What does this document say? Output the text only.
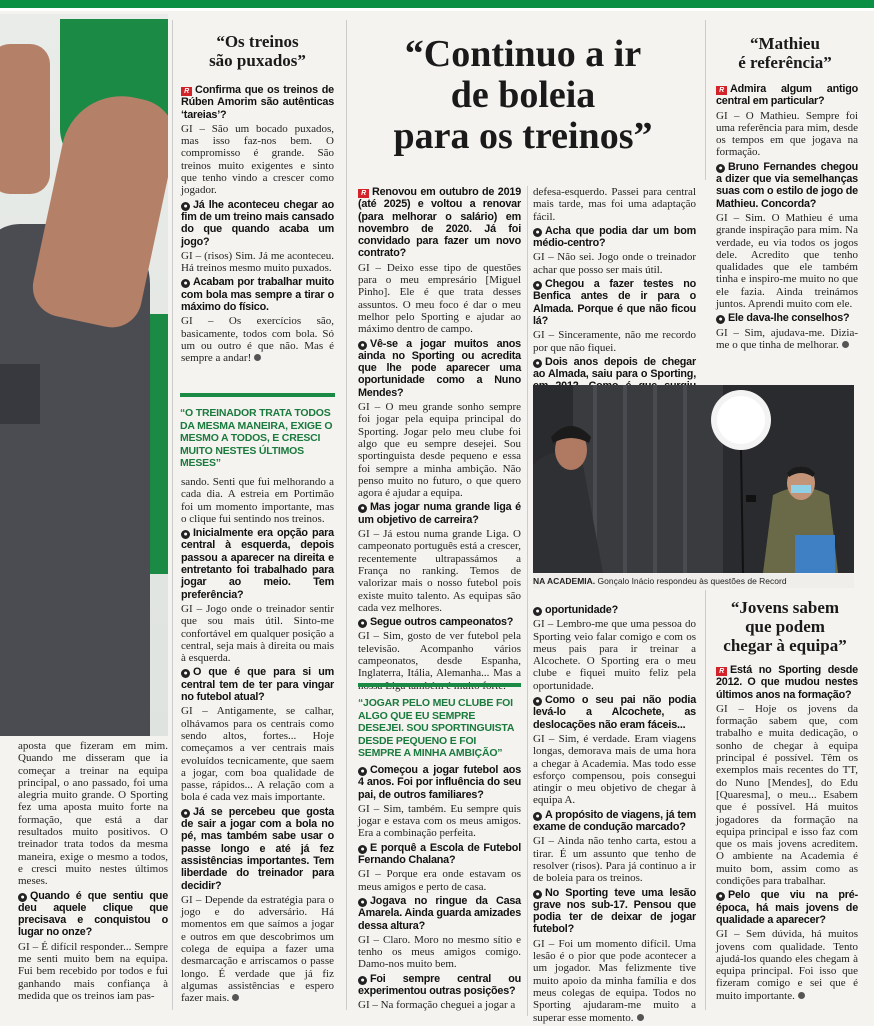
aposta que fizeram em mim. Quando me disseram que ia começar a treinar na equipa principal, o ano passado, foi uma alegria muito grande. O Sporting fez uma aposta muito forte na formação, que está a dar resultados muito positivos. O treinador trata todos da mesma maneira, exige o mesmo a todos, e cresci muito nestes últimos meses.

● Quando é que sentiu que deu aquele clique que precisava e conquistou o lugar no onze?

GI – É difícil responder... Sempre me senti muito bem na equipa. Fui bem recebido por todos e fui ganhando mais confiança à medida que os treinos iam pas-

“Os treinos
são puxados”

R Confirma que os treinos de Rúben Amorim são autênticas ‘tareias’?

GI – São um bocado puxados, mas isso faz-nos bem. O compromisso é grande. São treinos muito exigentes e sinto que tenho vindo a crescer como jogador.

● Já lhe aconteceu chegar ao fim de um treino mais cansado do que quando acaba um jogo?

GI – (risos) Sim. Já me aconteceu. Há treinos mesmo muito puxados.

● Acabam por trabalhar muito com bola mas sempre a tirar o máximo do físico.

GI – Os exercícios são, basicamente, todos com bola. Só um ou outro é que não. Mas é sempre a andar!

“O TREINADOR TRATA TODOS DA MESMA MANEIRA, EXIGE O MESMO A TODOS, E CRESCI MUITO NESTES ÚLTIMOS MESES”

sando. Senti que fui melhorando a cada dia. A estreia em Portimão foi um momento importante, mas o clique fui sentindo nos treinos.

● Inicialmente era opção para central à esquerda, depois passou a aparecer na direita e entretanto foi trabalhado para jogar ao meio. Tem preferência?

GI – Jogo onde o treinador sentir que sou mais útil. Sinto-me confortável em qualquer posição a central, seja mais à direita ou mais à esquerda.

● O que é que para si um central tem de ter para vingar no futebol atual?

GI – Antigamente, se calhar, olhávamos para os centrais como sendo altos, fortes... Hoje começamos a ver centrais mais evoluídos tecnicamente, que saem a jogar, com boa qualidade de passe, rápidos... A relação com a bola é cada vez mais importante.

● Já se percebeu que gosta de sair a jogar com a bola no pé, mas também sabe usar o passe longo e até já fez assistências importantes. Tem liberdade do treinador para decidir?

GI – Depende da estratégia para o jogo e do adversário. Há momentos em que saímos a jogar e outros em que descobrimos um colega de equipa a fazer uma desmarcação e arriscamos o passe longo. É verdade que já fiz algumas assistências e espero fazer mais.

“Continuo a ir
de boleia
para os treinos”

R Renovou em outubro de 2019 (até 2025) e voltou a renovar (para melhorar o salário) em novembro de 2020. Já foi convidado para fazer um novo contrato?

GI – Deixo esse tipo de questões para o meu empresário [Miguel Pinho]. Ele é que trata desses assuntos. O meu foco é dar o meu melhor pelo Sporting e ajudar ao máximo dentro de campo.

● Vê-se a jogar muitos anos ainda no Sporting ou acredita que lhe pode aparecer uma oportunidade como a Nuno Mendes?

GI – O meu grande sonho sempre foi jogar pela equipa principal do Sporting. Jogar pelo meu clube foi algo que eu sempre desejei. Sou sportinguista desde pequeno e essa foi sempre a minha ambição. Não penso muito no futuro, o que quero agora é ajudar a equipa.

● Mas jogar numa grande liga é um objetivo de carreira?

GI – Já estou numa grande Liga. O campeonato português está a crescer, recentemente ultrapassámos a França no ranking. Temos de valorizar mais o nosso futebol pois existe muito talento. As equipas são cada vez melhores.

● Segue outros campeonatos?

GI – Sim, gosto de ver futebol pela televisão. Acompanho vários campeonatos, desde Espanha, Inglaterra, Itália, Alemanha... Mas a nossa Liga também é muito forte.

“JOGAR PELO MEU CLUBE FOI ALGO QUE EU SEMPRE DESEJEI. SOU SPORTINGUISTA DESDE PEQUENO E FOI SEMPRE A MINHA AMBIÇÃO”

● Começou a jogar futebol aos 4 anos. Foi por influência do seu pai, de outros familiares?

GI – Sim, também. Eu sempre quis jogar e estava com os meus amigos. Era a combinação perfeita.

● E porquê a Escola de Futebol Fernando Chalana?

GI – Porque era onde estavam os meus amigos e perto de casa.

● Jogava no ringue da Casa Amarela. Ainda guarda amizades dessa altura?

GI – Claro. Moro no mesmo sítio e tenho os meus amigos comigo. Damo-nos muito bem.

● Foi sempre central ou experimentou outras posições?

GI – Na formação cheguei a jogar a

defesa-esquerdo. Passei para central mais tarde, mas foi uma adaptação fácil.

● Acha que podia dar um bom médio-centro?

GI – Não sei. Jogo onde o treinador achar que posso ser mais útil.

● Chegou a fazer testes no Benfica antes de ir para o Almada. Porque é que não ficou lá?

GI – Sinceramente, não me recordo por que não fiquei.

● Dois anos depois de chegar ao Almada, saiu para o Sporting,

NA ACADEMIA. Gonçalo Inácio respondeu às questões de Record

● oportunidade?

GI – Lembro-me que uma pessoa do Sporting veio falar comigo e com os meus pais para ir treinar a Alcochete. O Sporting era o meu clube e fiquei muito feliz pela oportunidade.

● Como o seu pai não podia levá-lo a Alcochete, as deslocações não eram fáceis...

GI – Sim, é verdade. Eram viagens longas, demorava mais de uma hora a chegar à Academia. Mas todo esse esforço compensou, pois consegui atingir o meu objetivo de chegar à equipa A.

● A propósito de viagens, já tem exame de condução marcado?

GI – Ainda não tenho carta, estou a tirar. É um assunto que tenho de resolver (risos). Para já continuo a ir de boleia para os treinos.

● No Sporting teve uma lesão grave nos sub-17. Pensou que podia ter de deixar de jogar futebol?

GI – Foi um momento difícil. Uma lesão é o pior que pode acontecer a um jogador. Mas felizmente tive muito apoio da minha família e dos meus colegas de equipa. Todos no Sporting ajudaram-me muito a superar esse momento.

“Mathieu
é referência”

R Admira algum antigo central em particular?

GI – O Mathieu. Sempre foi uma referência para mim, desde os tempos em que jogava na formação.

● Bruno Fernandes chegou a dizer que via semelhanças suas com o estilo de jogo de Mathieu. Concorda?

GI – Sim. O Mathieu é uma grande inspiração para mim. Na verdade, eu via todos os jogos dele. Acredito que tenho qualidades que ele também tinha e inspiro-me muito no que ele fazia. Ainda treinámos juntos. Aprendi muito com ele.

● Ele dava-lhe conselhos?

GI – Sim, ajudava-me. Dizia-me o que tinha de melhorar.

“Jovens sabem
que podem
chegar à equipa”

R Está no Sporting desde 2012. O que mudou nestes últimos anos na formação?

GI – Hoje os jovens da formação sabem que, com trabalho e muita dedicação, o sonho de chegar à equipa principal é possível. Têm os exemplos mais recentes do TT, do Nuno [Mendes], do Edu [Quaresma], o meu... Esabem que é possível. Há muitos jogadores da formação na equipa principal e isso faz com que os mais jovens acreditem. O ambiente na Academia é muito bom, assim como as condições para trabalhar.

● Pelo que viu na pré-época, há mais jovens de qualidade a aparecer?

GI – Sem dúvida, há muitos jovens com qualidade. Tento ajudá-los quando eles chegam à equipa principal. Foi isso que fizeram comigo e sei que é muito importante.
